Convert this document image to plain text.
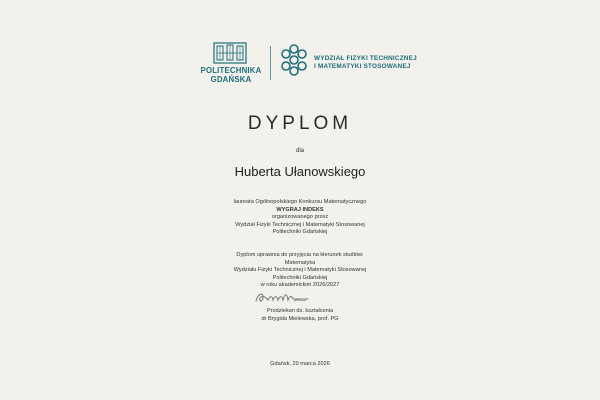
POLITECHNIKA
GDAŃSKA
WYDZIAŁ FIZYKI TECHNICZNEJ
I MATEMATYKI STOSOWANEJ
DYPLOM
dla
Huberta Ułanowskiego
laureata Ogólnopolskiego Konkursu Matematycznego
WYGRAJ INDEKS
organizowanego przez
Wydział Fizyki Technicznej i Matematyki Stosowanej
Politechniki Gdańskiej
Dyplom uprawnia do przyjęcia na kierunek studiów:
Matematyka
Wydziału Fizyki Technicznej i Matematyki Stosowanej
Politechniki Gdańskiej
w roku akademickim 2026/2027
Prodziekan ds. kształcenia
dr Brygida Mielewska, prof. PG
Gdańsk, 20 marca 2026
